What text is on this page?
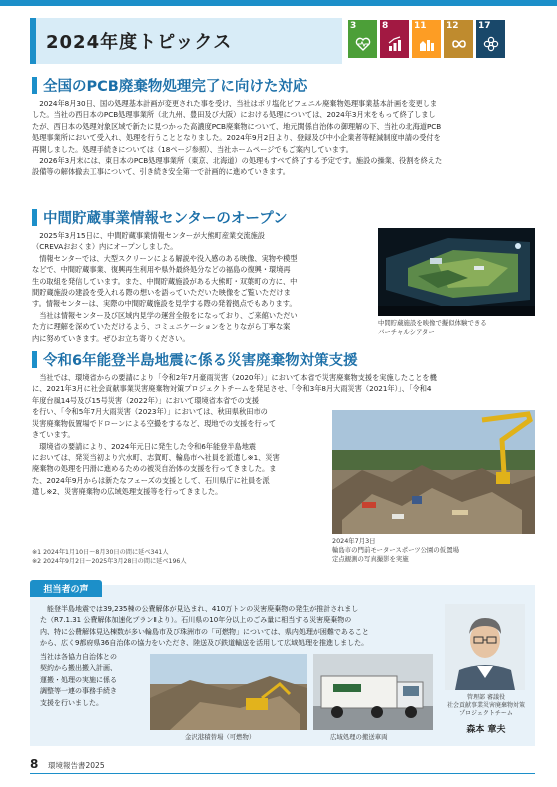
2024年度トピックス
3	8	11	12	17
全国のPCB廃棄物処理完了に向けた対応
　2024年8月30日、国の処理基本計画が変更された事を受け、当社はポリ塩化ビフェニル廃棄物処理事業基本計画を変更しま
した。当社の西日本のPCB処理事業所（北九州、豊田及び大阪）における処理については、2024年3月末をもって終了しまし
たが、西日本の処理対象区域で新たに見つかった高濃度PCB廃棄物について、地元関係自治体の御理解の下、当社の北海道PCB
処理事業所において受入れ、処理を行うこととなりました。2024年9月2日より、登録及び中小企業者等軽減制度申請の受付を
再開しました。処理手続きについては（18ページ参照）、当社ホームページでもご案内しています。
　2026年3月末には、東日本のPCB処理事業所（東京、北海道）の処理もすべて終了する予定です。施設の操業、役割を終えた
設備等の解体撤去工事について、引き続き安全第一で計画的に進めていきます。
中間貯蔵事業情報センターのオープン
　2025年3月15日に、中間貯蔵事業情報センターが大熊町産業交流施設
（CREVAおおくま）内にオープンしました。
　情報センターでは、大型スクリーンによる解説や没入感のある映像、実物や模型
などで、中間貯蔵事業、復興再生利用や県外最終処分などの福島の復興・環境再
生の取組を発信しています。また、中間貯蔵施設がある大熊町・双葉町の方に、中
間貯蔵施設の建設を受入れる際の想いを語っていただいた映像をご覧いただけま
す。情報センターは、実際の中間貯蔵施設を見学する際の発着拠点でもあります。
　当社は情報センター及び区域内見学の運営全般をになっており、ご来館いただい
た方に理解を深めていただけるよう、コミュニケーションをとりながら丁寧な案
内に努めていきます。ぜひお立ち寄りください。
中間貯蔵施設を映像で擬似体験できる
バーチャルシアター
令和6年能登半島地震に係る災害廃棄物対策支援
　当社では、環境省からの要請により「令和2年7月豪雨災害（2020年）」において本省で災害廃棄物支援を実施したことを機
に、2021年3月に社会貢献事業災害廃棄物対策プロジェクトチームを発足させ、「令和3年8月大雨災害（2021年）」、「令和4
年度台風14号及び15号災害（2022年）」において環境省本省での支援
を行い、「令和5年7月大雨災害（2023年）」においては、秋田県秋田市の
災害廃棄物仮置場でドローンによる空撮をするなど、現地での支援を行って
きています。
　環境省の要請により、2024年元日に発生した令和6年能登半島地震
においては、発災当初より穴水町、志賀町、輪島市へ社員を派遣し※1、災害
廃棄物の処理を円滑に進めるための被災自治体の支援を行ってきました。ま
た、2024年9月からは新たなフェーズの支援として、石川県庁に社員を派
遣し※2、災害廃棄物の広域処理支援等を行ってきました。
※1 2024年1月10日〜8月30日の間に延べ341人
※2 2024年9月2日〜2025年3月28日の間に延べ196人
2024年7月3日
輪島市の門前モータースポーツ公園の仮置場
定点観測の写真撮影を実施
担当者の声
　能登半島地震では39,235棟の公費解体が見込まれ、410万トンの災害廃棄物の発生が推計されまし
た（R7.1.31 公費解体加速化プランⅡより）。石川県の10年分以上のごみ量に相当する災害廃棄物の
内、特に公費解体見込棟数が多い輪島市及び珠洲市の「可燃物」については、県内処理が困難であること
から、広く9都府県36自治体の協力をいただき、陸送及び鉄道輸送を活用して広域処理を推進しました。
当社は各協力自治体との
契約から搬出搬入計画、
運搬・処理の実施に係る
調整等一連の事務手続き
支援を行いました。
金沢港積替場（可燃物）	広域処理の搬送車両
管理部 審議役
社会貢献事業災害廃棄物対策
プロジェクトチーム
森本 章夫
8 環境報告書2025
